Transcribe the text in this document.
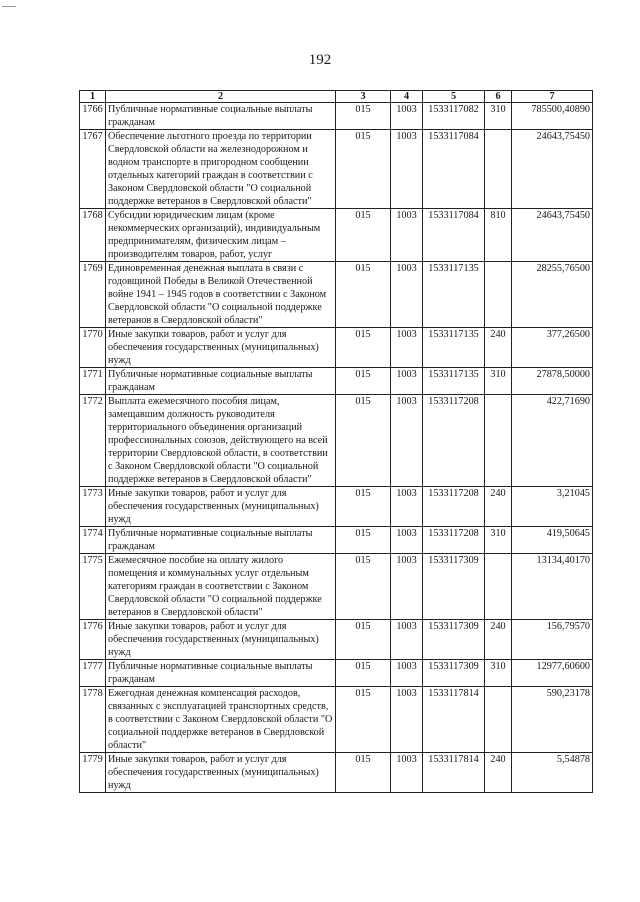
192
1	2	3	4	5	6	7
1766	Публичные нормативные социальные выплаты гражданам	015	1003	1533117082	310	785500,40890
1767	Обеспечение льготного проезда по территории Свердловской области на железнодорожном и водном транспорте в пригородном сообщении отдельных категорий граждан в соответствии с Законом Свердловской области "О социальной поддержке ветеранов в Свердловской области"	015	1003	1533117084		24643,75450
1768	Субсидии юридическим лицам (кроме некоммерческих организаций), индивидуальным предпринимателям, физическим лицам – производителям товаров, работ, услуг	015	1003	1533117084	810	24643,75450
1769	Единовременная денежная выплата в связи с годовщиной Победы в Великой Отечественной войне 1941 – 1945 годов в соответствии с Законом Свердловской области "О социальной поддержке ветеранов в Свердловской области"	015	1003	1533117135		28255,76500
1770	Иные закупки товаров, работ и услуг для обеспечения государственных (муниципальных) нужд	015	1003	1533117135	240	377,26500
1771	Публичные нормативные социальные выплаты гражданам	015	1003	1533117135	310	27878,50000
1772	Выплата ежемесячного пособия лицам, замещавшим должность руководителя территориального объединения организаций профессиональных союзов, действующего на всей территории Свердловской области, в соответствии с Законом Свердловской области "О социальной поддержке ветеранов в Свердловской области"	015	1003	1533117208		422,71690
1773	Иные закупки товаров, работ и услуг для обеспечения государственных (муниципальных) нужд	015	1003	1533117208	240	3,21045
1774	Публичные нормативные социальные выплаты гражданам	015	1003	1533117208	310	419,50645
1775	Ежемесячное пособие на оплату жилого помещения и коммунальных услуг отдельным категориям граждан в соответствии с Законом Свердловской области "О социальной поддержке ветеранов в Свердловской области"	015	1003	1533117309		13134,40170
1776	Иные закупки товаров, работ и услуг для обеспечения государственных (муниципальных) нужд	015	1003	1533117309	240	156,79570
1777	Публичные нормативные социальные выплаты гражданам	015	1003	1533117309	310	12977,60600
1778	Ежегодная денежная компенсация расходов, связанных с эксплуатацией транспортных средств, в соответствии с Законом Свердловской области "О социальной поддержке ветеранов в Свердловской области"	015	1003	1533117814		590,23178
1779	Иные закупки товаров, работ и услуг для обеспечения государственных (муниципальных) нужд	015	1003	1533117814	240	5,54878
